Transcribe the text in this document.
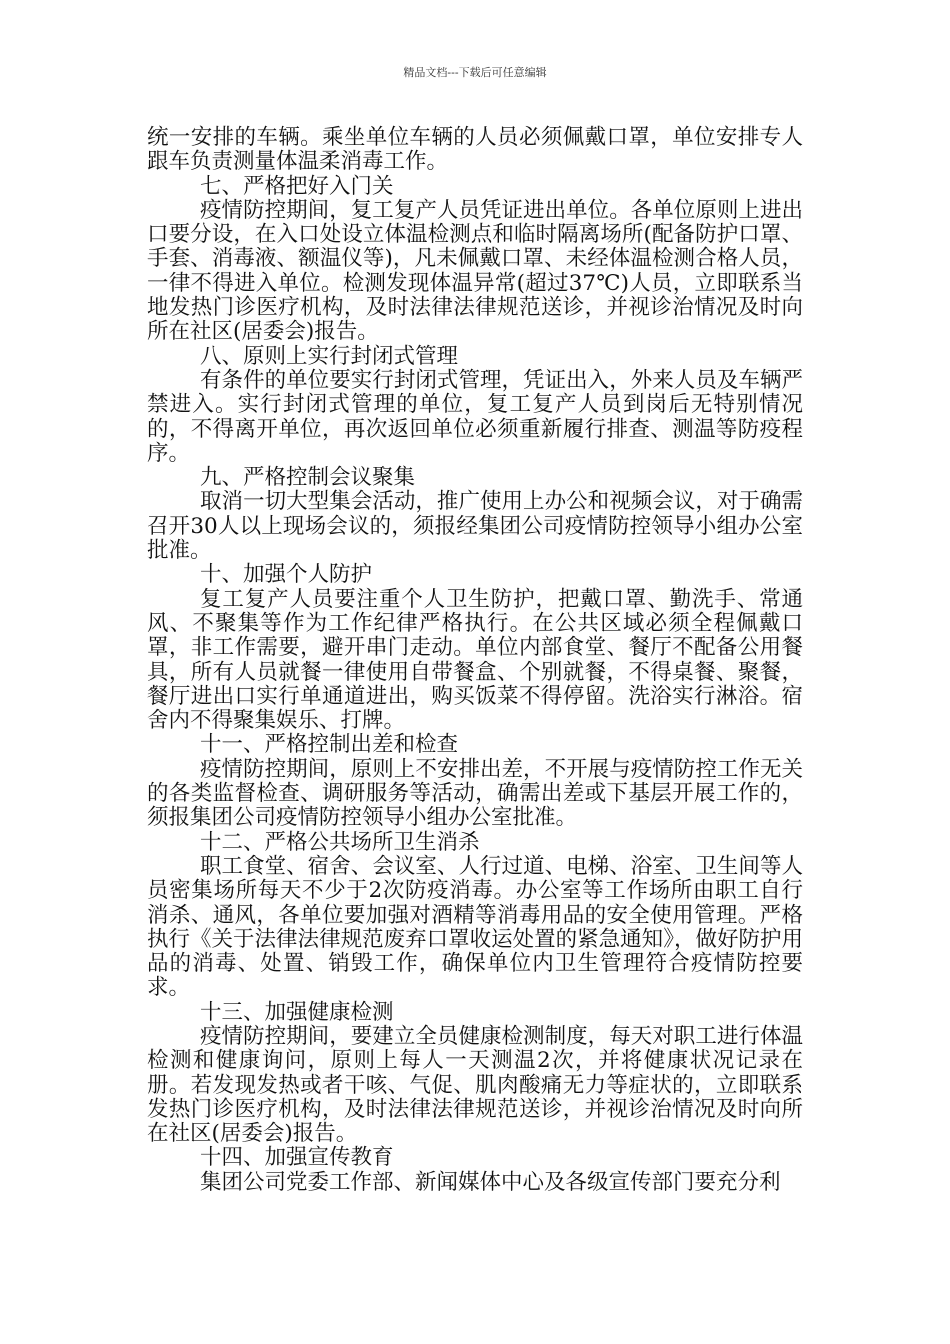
精品文档---下载后可任意编辑

统一安排的车辆。乘坐单位车辆的人员必须佩戴口罩，单位安排专人跟车负责测量体温柔消毒工作。

七、严格把好入门关

疫情防控期间，复工复产人员凭证进出单位。各单位原则上进出口要分设，在入口处设立体温检测点和临时隔离场所(配备防护口罩、手套、消毒液、额温仪等)，凡未佩戴口罩、未经体温检测合格人员，一律不得进入单位。检测发现体温异常(超过37℃)人员，立即联系当地发热门诊医疗机构，及时法律法律规范送诊，并视诊治情况及时向所在社区(居委会)报告。

八、原则上实行封闭式管理

有条件的单位要实行封闭式管理，凭证出入，外来人员及车辆严禁进入。实行封闭式管理的单位，复工复产人员到岗后无特别情况的，不得离开单位，再次返回单位必须重新履行排查、测温等防疫程序。

九、严格控制会议聚集

取消一切大型集会活动，推广使用上办公和视频会议，对于确需召开30人以上现场会议的，须报经集团公司疫情防控领导小组办公室批准。

十、加强个人防护

复工复产人员要注重个人卫生防护，把戴口罩、勤洗手、常通风、不聚集等作为工作纪律严格执行。在公共区域必须全程佩戴口罩，非工作需要，避开串门走动。单位内部食堂、餐厅不配备公用餐具，所有人员就餐一律使用自带餐盒、个别就餐，不得桌餐、聚餐，餐厅进出口实行单通道进出，购买饭菜不得停留。洗浴实行淋浴。宿舍内不得聚集娱乐、打牌。

十一、严格控制出差和检查

疫情防控期间，原则上不安排出差，不开展与疫情防控工作无关的各类监督检查、调研服务等活动，确需出差或下基层开展工作的，须报集团公司疫情防控领导小组办公室批准。

十二、严格公共场所卫生消杀

职工食堂、宿舍、会议室、人行过道、电梯、浴室、卫生间等人员密集场所每天不少于2次防疫消毒。办公室等工作场所由职工自行消杀、通风，各单位要加强对酒精等消毒用品的安全使用管理。严格执行《关于法律法律规范废弃口罩收运处置的紧急通知》，做好防护用品的消毒、处置、销毁工作，确保单位内卫生管理符合疫情防控要求。

十三、加强健康检测

疫情防控期间，要建立全员健康检测制度，每天对职工进行体温检测和健康询问，原则上每人一天测温2次，并将健康状况记录在册。若发现发热或者干咳、气促、肌肉酸痛无力等症状的，立即联系发热门诊医疗机构，及时法律法律规范送诊，并视诊治情况及时向所在社区(居委会)报告。

十四、加强宣传教育

集团公司党委工作部、新闻媒体中心及各级宣传部门要充分利
